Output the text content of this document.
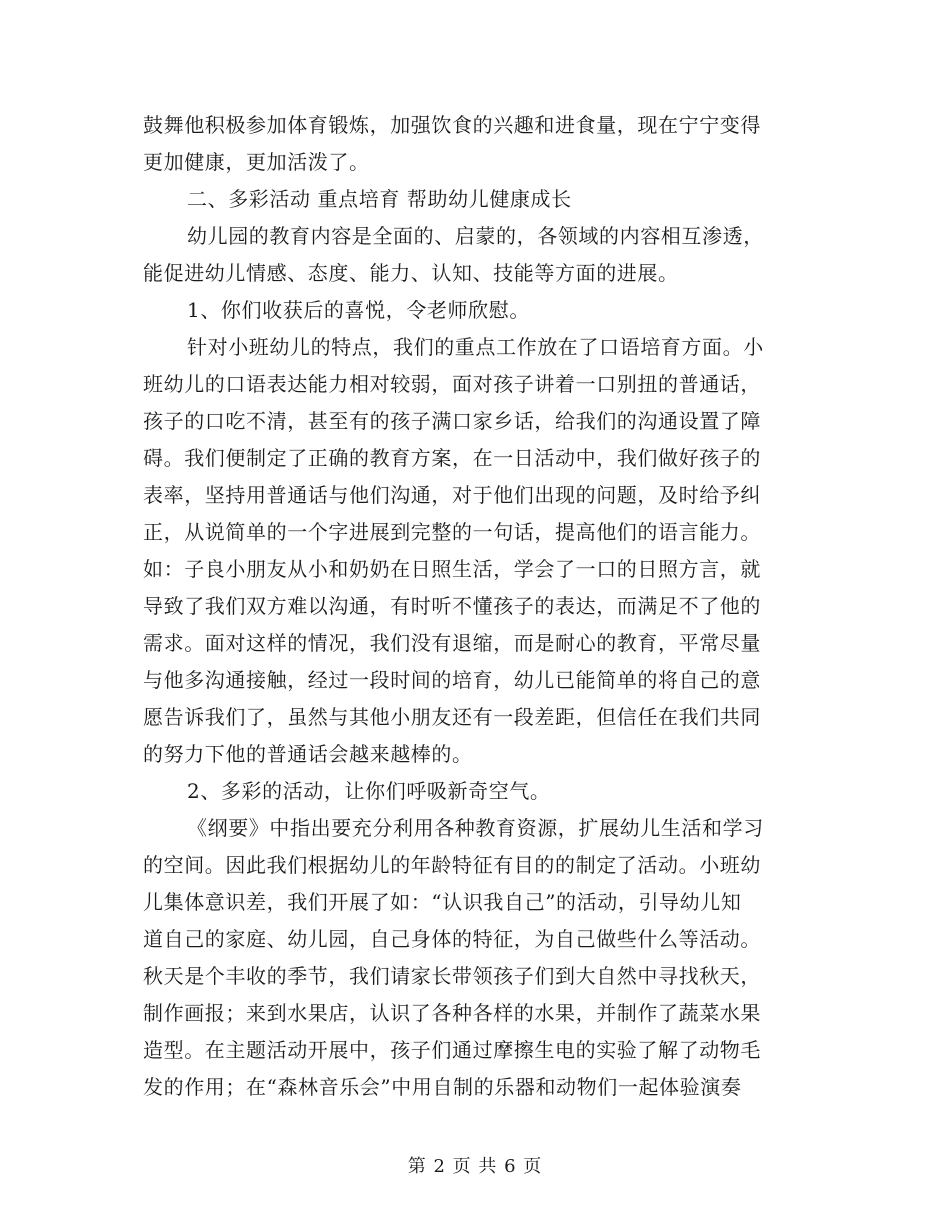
鼓舞他积极参加体育锻炼，加强饮食的兴趣和进食量，现在宁宁变得
更加健康，更加活泼了。
二、多彩活动 重点培育 帮助幼儿健康成长
幼儿园的教育内容是全面的、启蒙的，各领域的内容相互渗透，
能促进幼儿情感、态度、能力、认知、技能等方面的进展。
1、你们收获后的喜悦，令老师欣慰。
针对小班幼儿的特点，我们的重点工作放在了口语培育方面。小
班幼儿的口语表达能力相对较弱，面对孩子讲着一口别扭的普通话，
孩子的口吃不清，甚至有的孩子满口家乡话，给我们的沟通设置了障
碍。我们便制定了正确的教育方案，在一日活动中，我们做好孩子的
表率，坚持用普通话与他们沟通，对于他们出现的问题，及时给予纠
正，从说简单的一个字进展到完整的一句话，提高他们的语言能力。
如：子良小朋友从小和奶奶在日照生活，学会了一口的日照方言，就
导致了我们双方难以沟通，有时听不懂孩子的表达，而满足不了他的
需求。面对这样的情况，我们没有退缩，而是耐心的教育，平常尽量
与他多沟通接触，经过一段时间的培育，幼儿已能简单的将自己的意
愿告诉我们了，虽然与其他小朋友还有一段差距，但信任在我们共同
的努力下他的普通话会越来越棒的。
2、多彩的活动，让你们呼吸新奇空气。
《纲要》中指出要充分利用各种教育资源，扩展幼儿生活和学习
的空间。因此我们根据幼儿的年龄特征有目的的制定了活动。小班幼
儿集体意识差，我们开展了如：“认识我自己”的活动，引导幼儿知
道自己的家庭、幼儿园，自己身体的特征，为自己做些什么等活动。
秋天是个丰收的季节，我们请家长带领孩子们到大自然中寻找秋天，
制作画报；来到水果店，认识了各种各样的水果，并制作了蔬菜水果
造型。在主题活动开展中，孩子们通过摩擦生电的实验了解了动物毛
发的作用；在“森林音乐会”中用自制的乐器和动物们一起体验演奏
第 2 页 共 6 页
